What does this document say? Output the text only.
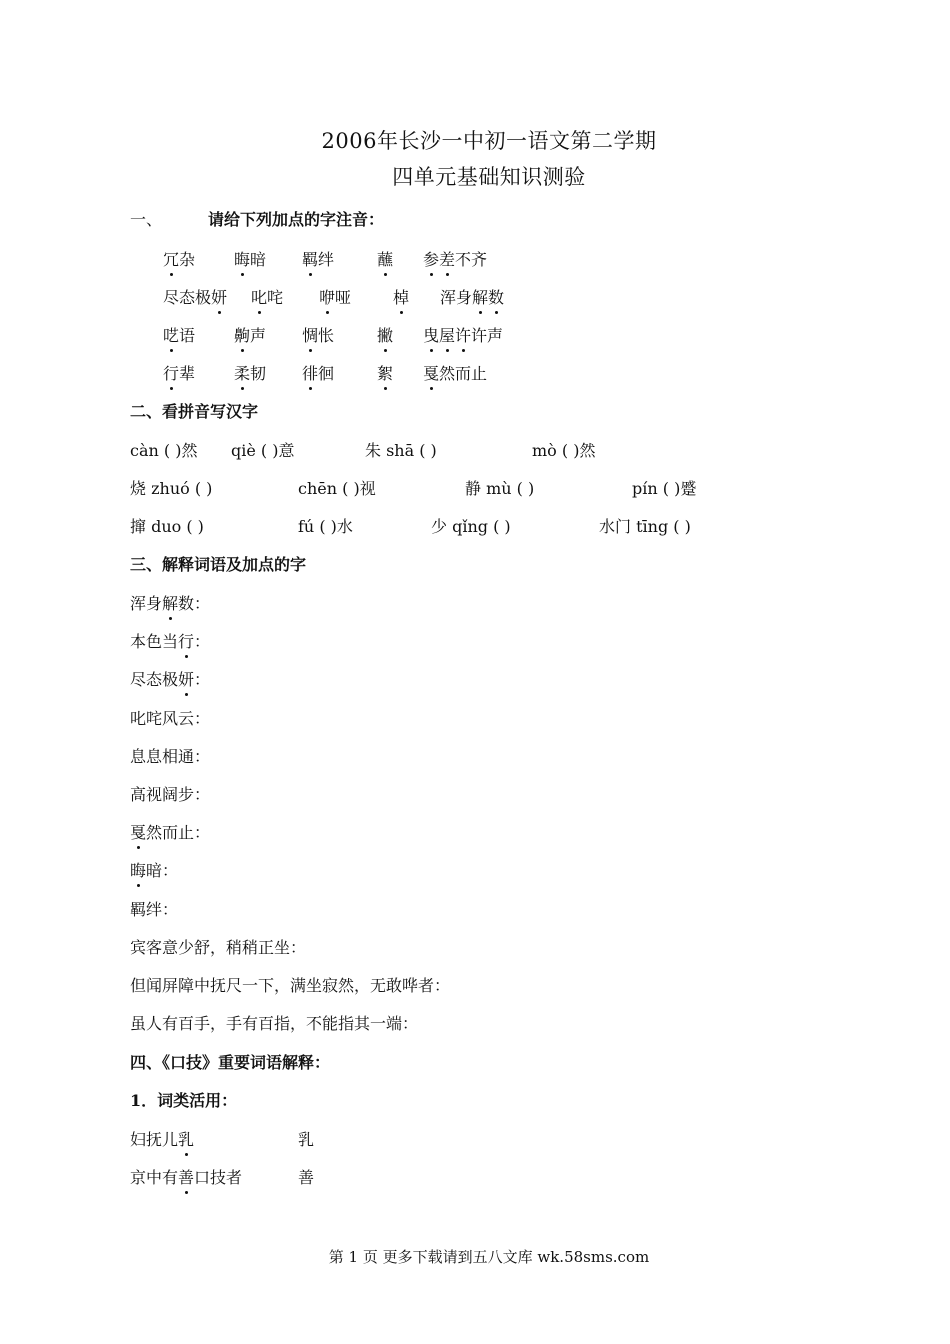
2006年长沙一中初一语文第二学期
四单元基础知识测验
一、	请给下列加点的字注音：
冗杂 晦暗 羁绊	蘸 参差不齐
尽态极妍 叱咤 咿哑	棹 浑身解数
呓语 齁声 惆怅	撇 曳屋许许声
行辈 柔韧 徘徊	絮 戛然而止
二、看拼音写汉字
càn ( )然 qiè ( )意	朱 shā ( )	mò ( )然
烧 zhuó ( )	chēn ( )视	静 mù ( )	pín ( )蹙
撺 duo ( )	fú ( )水	少 qǐng ( )	水门 tīng ( )
三、解释词语及加点的字
浑身解数：
本色当行：
尽态极妍：
叱咤风云：
息息相通：
高视阔步：
戛然而止：
晦暗：
羁绊：
宾客意少舒，稍稍正坐：
但闻屏障中抚尺一下，满坐寂然，无敢哗者：
虽人有百手，手有百指，不能指其一端：
四、《口技》重要词语解释：
1．词类活用：
妇抚儿乳	乳
京中有善口技者	善
第 1 页 更多下载请到五八文库 wk.58sms.com
